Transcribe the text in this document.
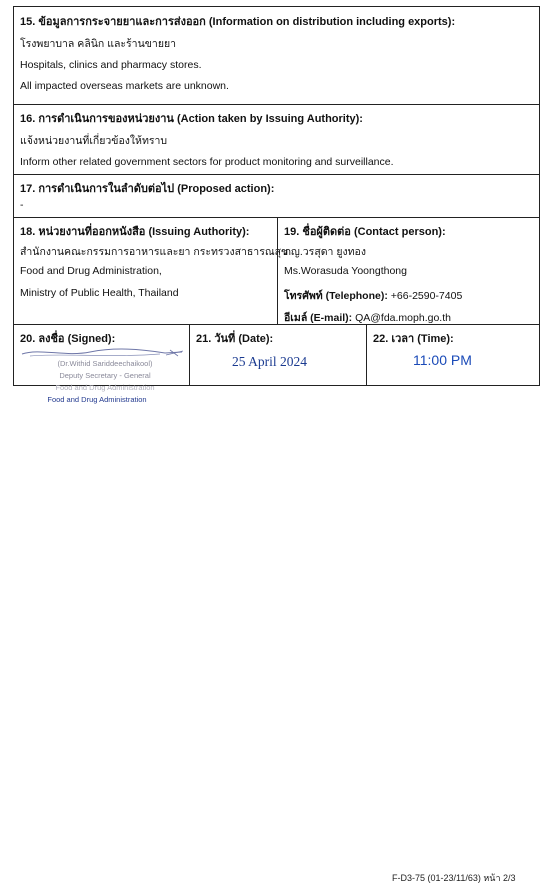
15. ข้อมูลการกระจายยาและการส่งออก (Information on distribution including exports):

โรงพยาบาล คลินิก และร้านขายยา

Hospitals, clinics and pharmacy stores.

All impacted overseas markets are unknown.

16. การดำเนินการของหน่วยงาน (Action taken by Issuing Authority):

แจ้งหน่วยงานที่เกี่ยวข้องให้ทราบ

Inform other related government sectors for product monitoring and surveillance.

17. การดำเนินการในลำดับต่อไป (Proposed action):

-

18. หน่วยงานที่ออกหนังสือ (Issuing Authority):

สำนักงานคณะกรรมการอาหารและยา กระทรวงสาธารณสุข

Food and Drug Administration,

Ministry of Public Health, Thailand

19. ชื่อผู้ติดต่อ (Contact person):

ภญ.วรสุดา ยูงทอง

Ms.Worasuda Yoongthong

โทรศัพท์ (Telephone): +66-2590-7405

อีเมล์ (E-mail): QA@fda.moph.go.th

20. ลงชื่อ (Signed):	21. วันที่ (Date):

25 April 2024

22. เวลา (Time):

11:00 PM
(Dr.Withid Sariddeechaikool)
Deputy Secretary - General
Food and Drug Administration
Food and Drug Administration
F-D3-75 (01-23/11/63) หน้า 2/3
